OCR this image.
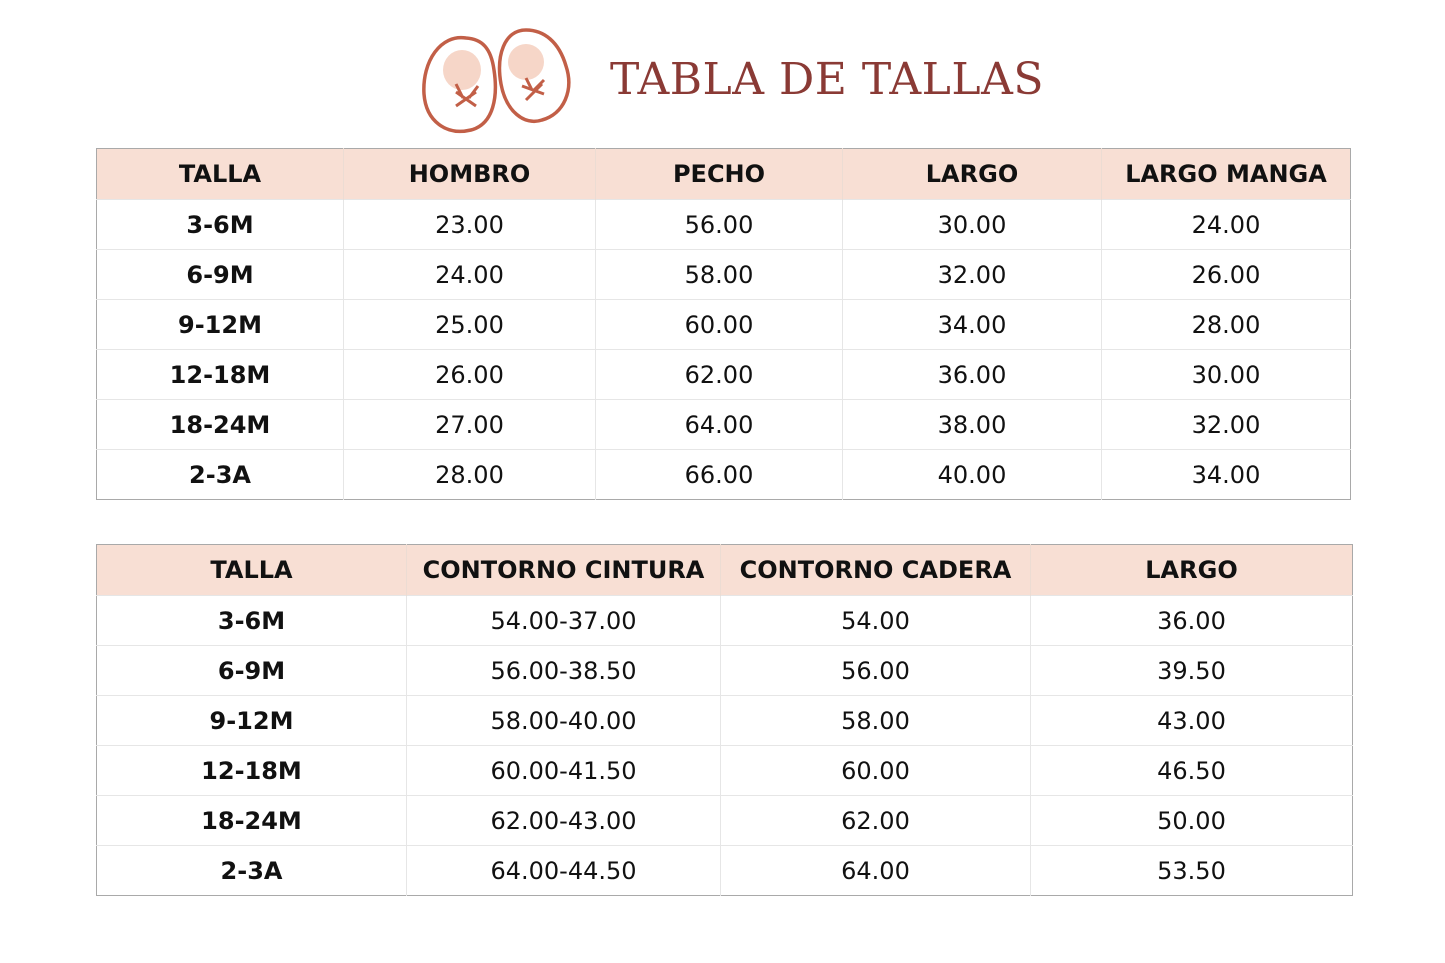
TABLA DE TALLAS
TALLA	HOMBRO	PECHO	LARGO	LARGO MANGA
3-6M	23.00	56.00	30.00	24.00
6-9M	24.00	58.00	32.00	26.00
9-12M	25.00	60.00	34.00	28.00
12-18M	26.00	62.00	36.00	30.00
18-24M	27.00	64.00	38.00	32.00
2-3A	28.00	66.00	40.00	34.00
TALLA	CONTORNO CINTURA	CONTORNO CADERA	LARGO
3-6M	54.00-37.00	54.00	36.00
6-9M	56.00-38.50	56.00	39.50
9-12M	58.00-40.00	58.00	43.00
12-18M	60.00-41.50	60.00	46.50
18-24M	62.00-43.00	62.00	50.00
2-3A	64.00-44.50	64.00	53.50
